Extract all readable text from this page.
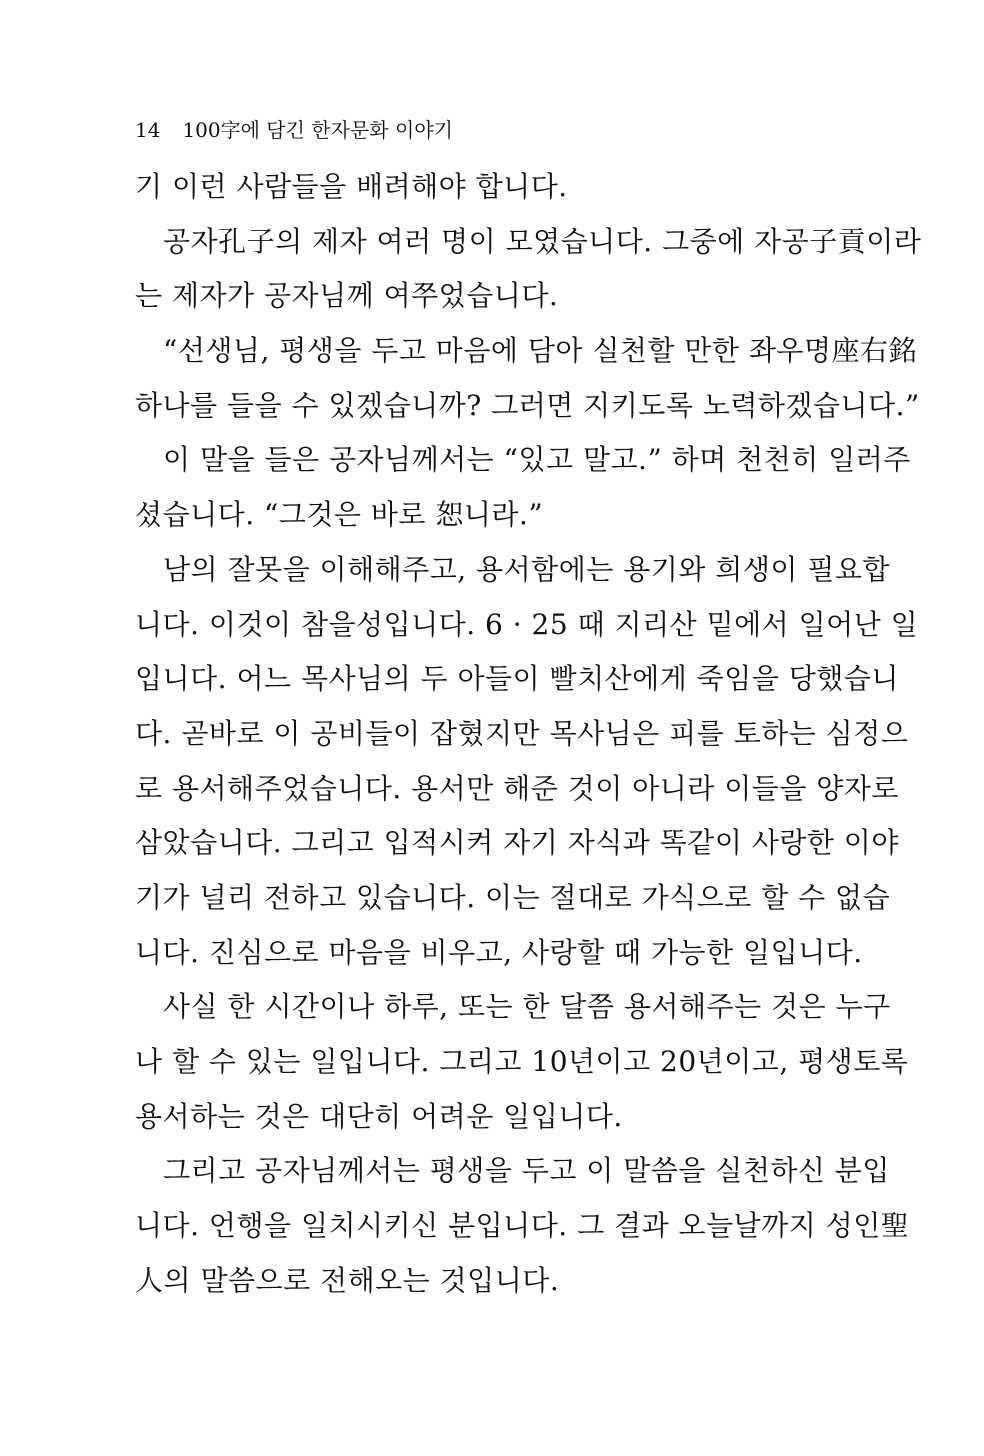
14 100字에 담긴 한자문화 이야기
기 이런 사람들을 배려해야 합니다.
공자孔子의 제자 여러 명이 모였습니다. 그중에 자공子貢이라
는 제자가 공자님께 여쭈었습니다.
“선생님, 평생을 두고 마음에 담아 실천할 만한 좌우명座右銘
하나를 들을 수 있겠습니까? 그러면 지키도록 노력하겠습니다.”
이 말을 들은 공자님께서는 “있고 말고.” 하며 천천히 일러주
셨습니다. “그것은 바로 恕니라.”
남의 잘못을 이해해주고, 용서함에는 용기와 희생이 필요합
니다. 이것이 참을성입니다. 6 · 25 때 지리산 밑에서 일어난 일
입니다. 어느 목사님의 두 아들이 빨치산에게 죽임을 당했습니
다. 곧바로 이 공비들이 잡혔지만 목사님은 피를 토하는 심정으
로 용서해주었습니다. 용서만 해준 것이 아니라 이들을 양자로
삼았습니다. 그리고 입적시켜 자기 자식과 똑같이 사랑한 이야
기가 널리 전하고 있습니다. 이는 절대로 가식으로 할 수 없습
니다. 진심으로 마음을 비우고, 사랑할 때 가능한 일입니다.
사실 한 시간이나 하루, 또는 한 달쯤 용서해주는 것은 누구
나 할 수 있는 일입니다. 그리고 10년이고 20년이고, 평생토록
용서하는 것은 대단히 어려운 일입니다.
그리고 공자님께서는 평생을 두고 이 말씀을 실천하신 분입
니다. 언행을 일치시키신 분입니다. 그 결과 오늘날까지 성인聖
人의 말씀으로 전해오는 것입니다.
